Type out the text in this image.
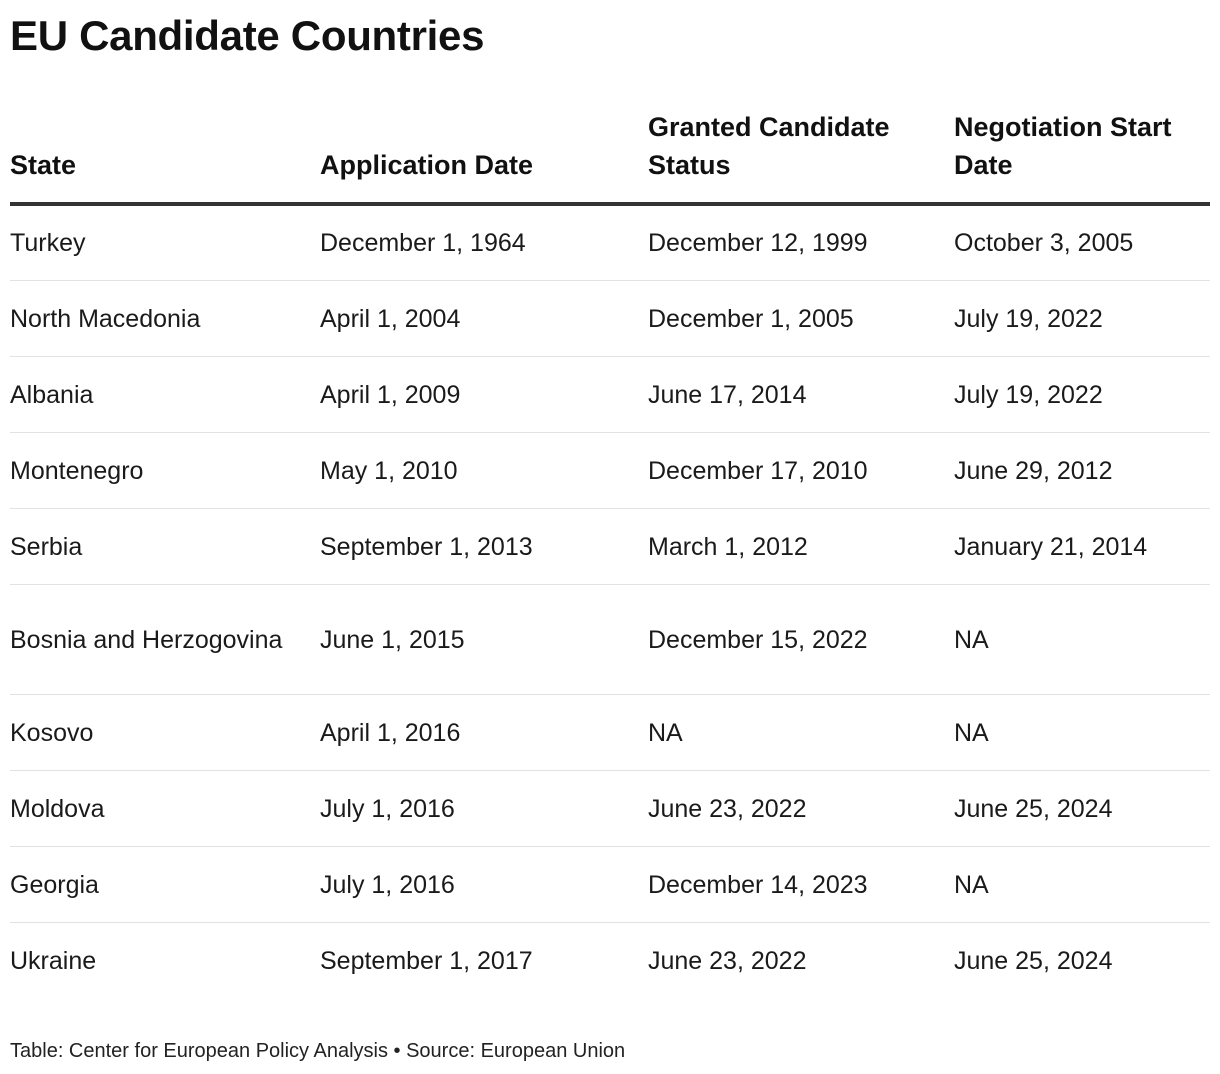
EU Candidate Countries
State	Application Date	Granted Candidate Status	Negotiation Start Date
Turkey	December 1, 1964	December 12, 1999	October 3, 2005
North Macedonia	April 1, 2004	December 1, 2005	July 19, 2022
Albania	April 1, 2009	June 17, 2014	July 19, 2022
Montenegro	May 1, 2010	December 17, 2010	June 29, 2012
Serbia	September 1, 2013	March 1, 2012	January 21, 2014
Bosnia and Herzogovina	June 1, 2015	December 15, 2022	NA
Kosovo	April 1, 2016	NA	NA
Moldova	July 1, 2016	June 23, 2022	June 25, 2024
Georgia	July 1, 2016	December 14, 2023	NA
Ukraine	September 1, 2017	June 23, 2022	June 25, 2024
Table: Center for European Policy Analysis • Source: European Union
